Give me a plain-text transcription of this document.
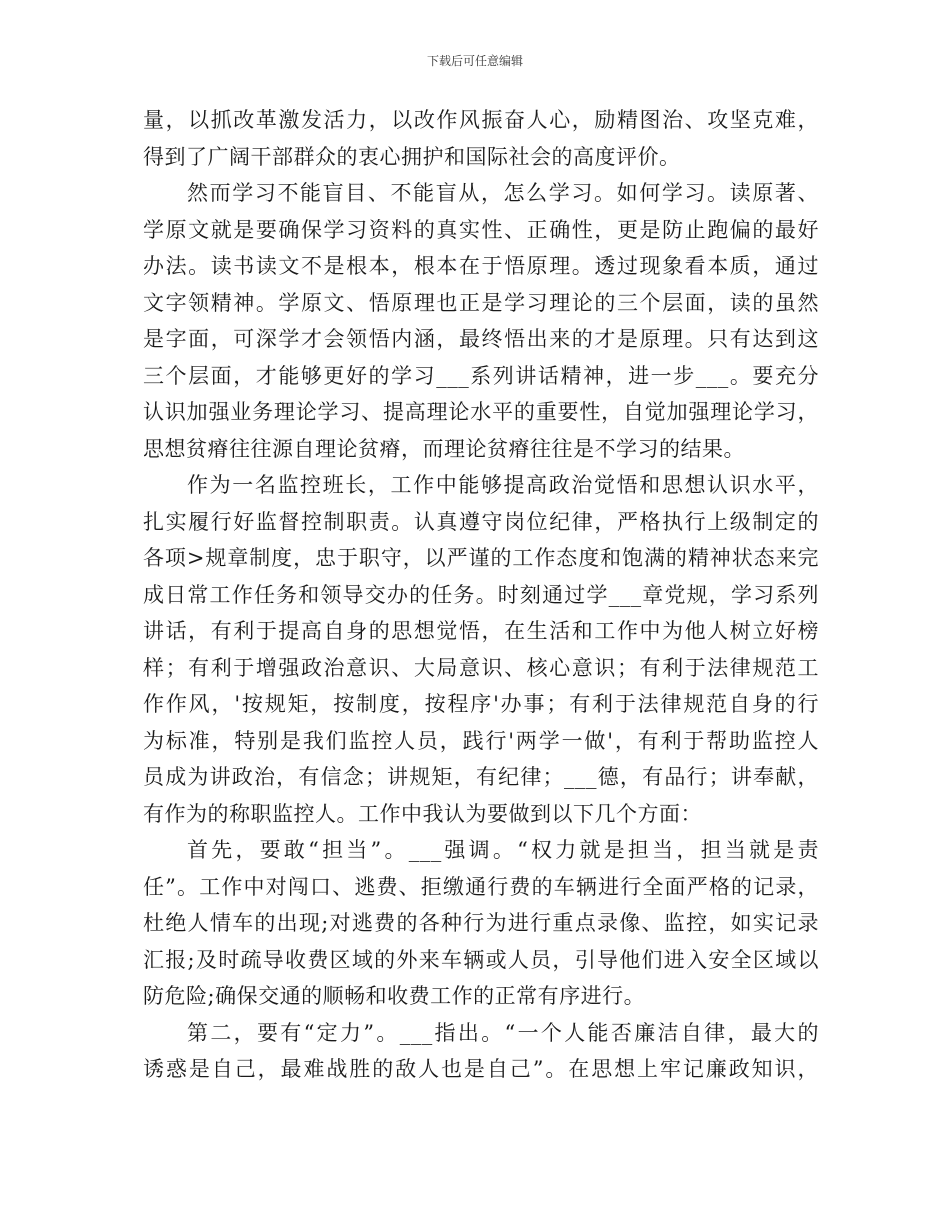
下载后可任意编辑
量，以抓改革激发活力，以改作风振奋人心，励精图治、攻坚克难，
得到了广阔干部群众的衷心拥护和国际社会的高度评价。
然而学习不能盲目、不能盲从，怎么学习。如何学习。读原著、
学原文就是要确保学习资料的真实性、正确性，更是防止跑偏的最好
办法。读书读文不是根本，根本在于悟原理。透过现象看本质，通过
文字领精神。学原文、悟原理也正是学习理论的三个层面，读的虽然
是字面，可深学才会领悟内涵，最终悟出来的才是原理。只有达到这
三个层面，才能够更好的学习___系列讲话精神，进一步___。要充分
认识加强业务理论学习、提高理论水平的重要性，自觉加强理论学习，
思想贫瘠往往源自理论贫瘠，而理论贫瘠往往是不学习的结果。
作为一名监控班长，工作中能够提高政治觉悟和思想认识水平，
扎实履行好监督控制职责。认真遵守岗位纪律，严格执行上级制定的
各项>规章制度，忠于职守，以严谨的工作态度和饱满的精神状态来完
成日常工作任务和领导交办的任务。时刻通过学___章党规，学习系列
讲话，有利于提高自身的思想觉悟，在生活和工作中为他人树立好榜
样；有利于增强政治意识、大局意识、核心意识；有利于法律规范工
作作风，'按规矩，按制度，按程序'办事；有利于法律规范自身的行
为标准，特别是我们监控人员，践行'两学一做'，有利于帮助监控人
员成为讲政治，有信念；讲规矩，有纪律；___德，有品行；讲奉献，
有作为的称职监控人。工作中我认为要做到以下几个方面：
首先，要敢“担当”。___强调。“权力就是担当，担当就是责
任”。工作中对闯口、逃费、拒缴通行费的车辆进行全面严格的记录，
杜绝人情车的出现;对逃费的各种行为进行重点录像、监控，如实记录
汇报;及时疏导收费区域的外来车辆或人员，引导他们进入安全区域以
防危险;确保交通的顺畅和收费工作的正常有序进行。
第二，要有“定力”。___指出。“一个人能否廉洁自律，最大的
诱惑是自己，最难战胜的敌人也是自己”。在思想上牢记廉政知识，
